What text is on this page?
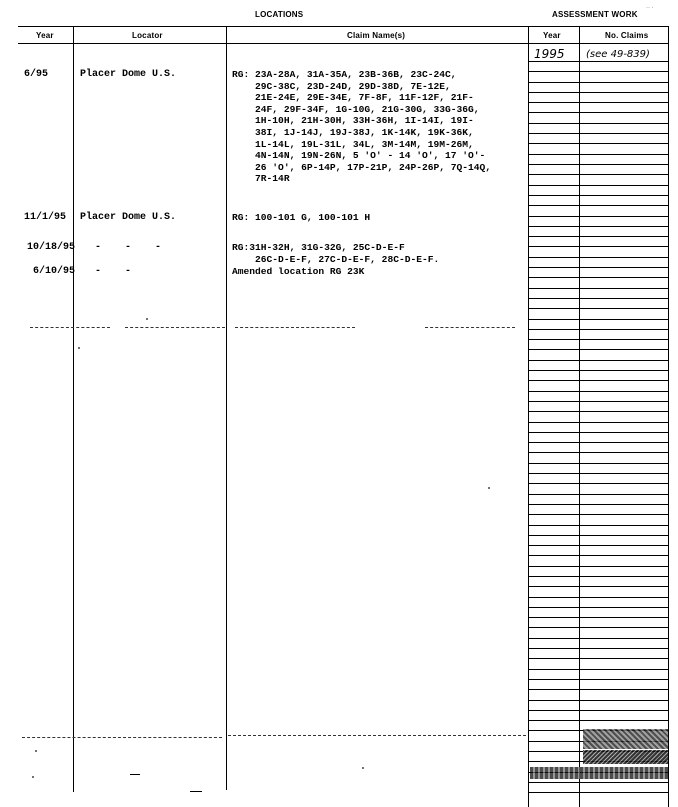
LOCATIONS	ASSESSMENT WORK
·· ·
Year	Locator	Claim Name(s)	Year	No. Claims
1995 (see 49-839)
6/95	Placer Dome U.S.	RG: 23A-28A, 31A-35A, 23B-36B, 23C-24C,
29C-38C, 23D-24D, 29D-38D, 7E-12E,
21E-24E, 29E-34E, 7F-8F, 11F-12F, 21F-
24F, 29F-34F, 1G-10G, 21G-30G, 33G-36G,
1H-10H, 21H-30H, 33H-36H, 1I-14I, 19I-
38I, 1J-14J, 19J-38J, 1K-14K, 19K-36K,
1L-14L, 19L-31L, 34L, 3M-14M, 19M-26M,
4N-14N, 19N-26N, 5 'O' - 14 'O', 17 'O'-
26 'O', 6P-14P, 17P-21P, 24P-26P, 7Q-14Q,
7R-14R
11/1/95 Placer Dome U.S.	RG: 100-101 G, 100-101 H
10/18/95 -    -    -	RG:31H-32H, 31G-32G, 25C-D-E-F
26C-D-E-F, 27C-D-E-F, 28C-D-E-F.
6/10/95 -    -	Amended location RG 23K
